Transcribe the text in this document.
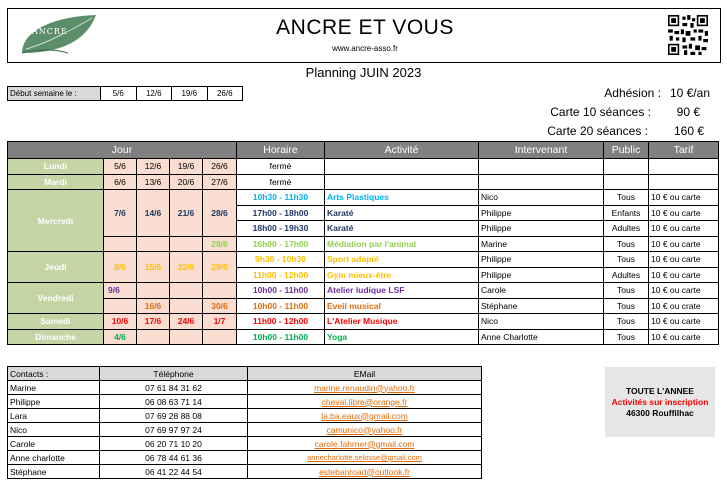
ANCRE	ANCRE ET VOUS
www.ancre-asso.fr
Planning JUIN 2023
Début semaine le :	5/6	12/6	19/6	26/6	Adhésion : 10 €/an
Carte 10 séances :	90 €
Carte 20 séances :	160 €
Jour					Horaire	Activité	Intervenant	Public	Tarif
Lundi	5/6	12/6	19/6	26/6	fermé				
Mardi	6/6	13/6	20/6	27/6	fermé				
Mercredi	7/6	14/6	21/6	28/6	10h30 - 11h30	Arts Plastiques	Nico	Tous	10 € ou carte
					17h00 - 18h00	Karaté	Philippe	Enfants	10 € ou carte
					18h00 - 19h30	Karaté	Philippe	Adultes	10 € ou carte
				28/6	16h00 - 17h00	Médiation par l'animal	Marine	Tous	10 € ou carte
Jeudi	8/6	15/6	22/6	29/6	9h30 - 10h30	Sport adapté	Philippe	Tous	10 € ou carte
					11h00 - 12h00	Gym mieux-être	Philippe	Adultes	10 € ou carte
Vendredi	9/6				10h00 - 11h00	Atelier ludique LSF	Carole	Tous	10 € ou carte
		16/6		30/6	10h00 - 11h00	Eveil musical	Stéphane	Tous	10 € ou crate
Samedi	10/6	17/6	24/6	1/7	11h00 - 12h00	L'Atelier Musique	Nico	Tous	10 € ou carte
Dimanche	4/6				10h00 - 11h00	Yoga	Anne Charlotte	Tous	10 € ou carte
Contacts :	Téléphone	EMail
Marine	07 61 84 31 62	marine.renaudin@yahoo.fr
Philippe	06 08 63 71 14	cheval.libre@orange.fr
Lara	07 69 28 88 08	la.ba.eaux@gmail.com
Nico	07 69 97 97 24	camunico@yahoo.fr
Carole	06 20 71 10 20	carole.fahrner@gmail.com
Anne charlotte	06 78 44 61 36	annecharlotte.selosse@gmail.com
Stéphane	06 41 22 44 54	estebanroad@outlook.fr
TOUTE L'ANNEE
Activités sur inscription
46300 Rouffilhac
